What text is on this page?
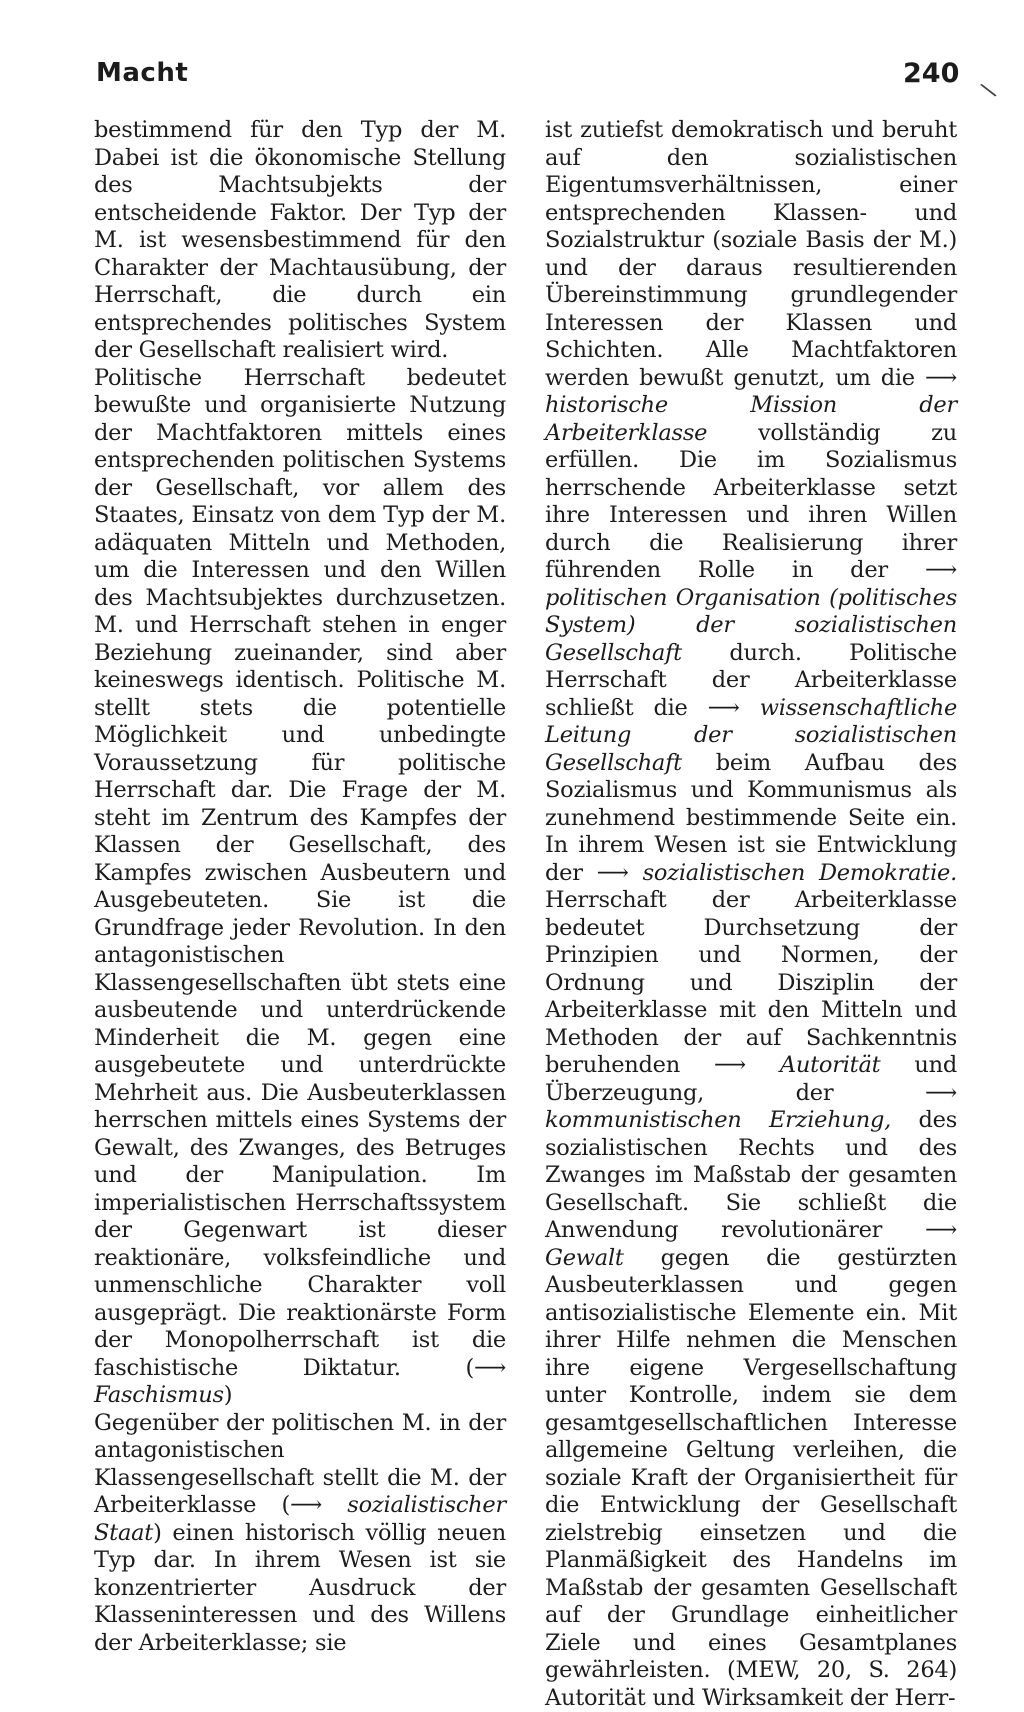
Macht	240
\

bestimmend für den Typ der M. Dabei ist die ökonomische Stellung des Machtsubjekts der entscheidende Faktor. Der Typ der M. ist wesensbestimmend für den Charakter der Machtausübung, der Herrschaft, die durch ein entsprechendes politisches System der Gesellschaft realisiert wird.

Politische Herrschaft bedeutet bewußte und organisierte Nutzung der Machtfaktoren mittels eines entsprechenden politischen Systems der Gesellschaft, vor allem des Staates, Einsatz von dem Typ der M. adäquaten Mitteln und Methoden, um die Interessen und den Willen des Machtsubjektes durchzusetzen. M. und Herrschaft stehen in enger Beziehung zueinander, sind aber keineswegs identisch. Politische M. stellt stets die potentielle Möglichkeit und unbedingte Voraussetzung für politische Herrschaft dar. Die Frage der M. steht im Zentrum des Kampfes der Klassen der Gesellschaft, des Kampfes zwischen Ausbeutern und Ausgebeuteten. Sie ist die Grundfrage jeder Revolution. In den antagonistischen Klassengesellschaften übt stets eine ausbeutende und unterdrückende Minderheit die M. gegen eine ausgebeutete und unterdrückte Mehrheit aus. Die Ausbeuterklassen herrschen mittels eines Systems der Gewalt, des Zwanges, des Betruges und der Manipulation. Im imperialistischen Herrschaftssystem der Gegenwart ist dieser reaktionäre, volksfeindliche und unmenschliche Charakter voll ausgeprägt. Die reaktionärste Form der Monopolherrschaft ist die faschistische Diktatur. (⟶ Faschismus)

Gegenüber der politischen M. in der antagonistischen Klassengesellschaft stellt die M. der Arbeiterklasse (⟶ sozialistischer Staat) einen historisch völlig neuen Typ dar. In ihrem Wesen ist sie konzentrierter Ausdruck der Klasseninteressen und des Willens der Arbeiterklasse; sie

ist zutiefst demokratisch und beruht auf den sozialistischen Eigentumsverhältnissen, einer entsprechenden Klassen- und Sozialstruktur (soziale Basis der M.) und der daraus resultierenden Übereinstimmung grundlegender Interessen der Klassen und Schichten. Alle Machtfaktoren werden bewußt genutzt, um die ⟶ historische Mission der Arbeiterklasse vollständig zu erfüllen. Die im Sozialismus herrschende Arbeiterklasse setzt ihre Interessen und ihren Willen durch die Realisierung ihrer führenden Rolle in der ⟶ politischen Organisation (politisches System) der sozialistischen Gesellschaft durch. Politische Herrschaft der Arbeiterklasse schließt die ⟶ wissenschaftliche Leitung der sozialistischen Gesellschaft beim Aufbau des Sozialismus und Kommunismus als zunehmend bestimmende Seite ein. In ihrem Wesen ist sie Entwicklung der ⟶ sozialistischen Demokratie. Herrschaft der Arbeiterklasse bedeutet Durchsetzung der Prinzipien und Normen, der Ordnung und Disziplin der Arbeiterklasse mit den Mitteln und Methoden der auf Sachkenntnis beruhenden ⟶ Autorität und Überzeugung, der ⟶ kommunistischen Erziehung, des sozialistischen Rechts und des Zwanges im Maßstab der gesamten Gesellschaft. Sie schließt die Anwendung revolutionärer ⟶ Gewalt gegen die gestürzten Ausbeuterklassen und gegen antisozialistische Elemente ein. Mit ihrer Hilfe nehmen die Menschen ihre eigene Vergesellschaftung unter Kontrolle, indem sie dem gesamtgesellschaftlichen Interesse allgemeine Geltung verleihen, die soziale Kraft der Organisiertheit für die Entwicklung der Gesellschaft zielstrebig einsetzen und die Planmäßigkeit des Handelns im Maßstab der gesamten Gesellschaft auf der Grundlage einheitlicher Ziele und eines Gesamtplanes gewährleisten. (MEW, 20, S. 264) Autorität und Wirksamkeit der Herr-
